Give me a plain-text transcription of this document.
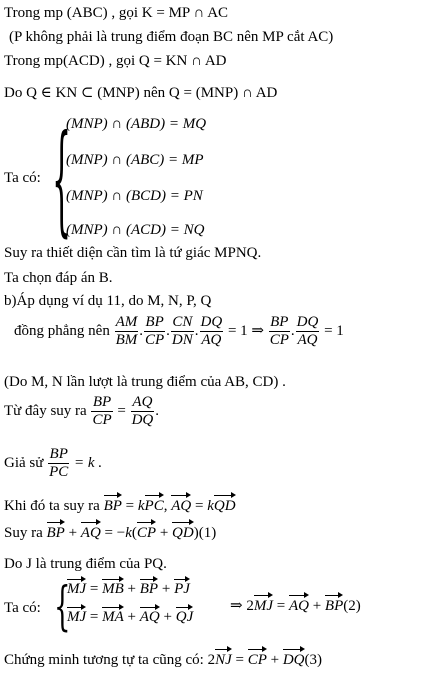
Trong mp (ABC) , gọi K = MP ∩ AC
(P không phải là trung điểm đoạn BC nên MP cắt AC)
Trong mp(ACD) , gọi Q = KN ∩ AD
Do Q ∈ KN ⊂ (MNP) nên Q = (MNP) ∩ AD
Ta có: {
(MNP) ∩ (ABD) = MQ
(MNP) ∩ (ABC) = MP
(MNP) ∩ (BCD) = PN
(MNP) ∩ (ACD) = NQ
Suy ra thiết diện cần tìm là tứ giác MPNQ.
Ta chọn đáp án B.
b)Áp dụng ví dụ 11, do M, N, P, Q
đồng phẳng nên $\frac{AM}{BM}$ . $\frac{BP}{CP}$ . $\frac{CN}{DN}$ . $\frac{DQ}{AQ} = 1$ ⇒ $\frac{BP}{CP}$ . $\frac{DQ}{AQ} = 1$
(Do M, N lần lượt là trung điểm của AB, CD) .
Từ đây suy ra $\frac{BP}{CP} = \frac{AQ}{DQ}$ .
Giả sử $\frac{BP}{PC} = k$ .
Khi đó ta suy ra BP = kPC, AQ = kQD
Suy ra BP + AQ = −k(CP + QD)(1)
Do J là trung điểm của PQ.
Ta có: {
MJ = MB + BP + PJ
MJ = MA + AQ + QJ
⇒ 2MJ = AQ + BP(2)
Chứng minh tương tự ta cũng có: 2NJ = CP + DQ(3)
